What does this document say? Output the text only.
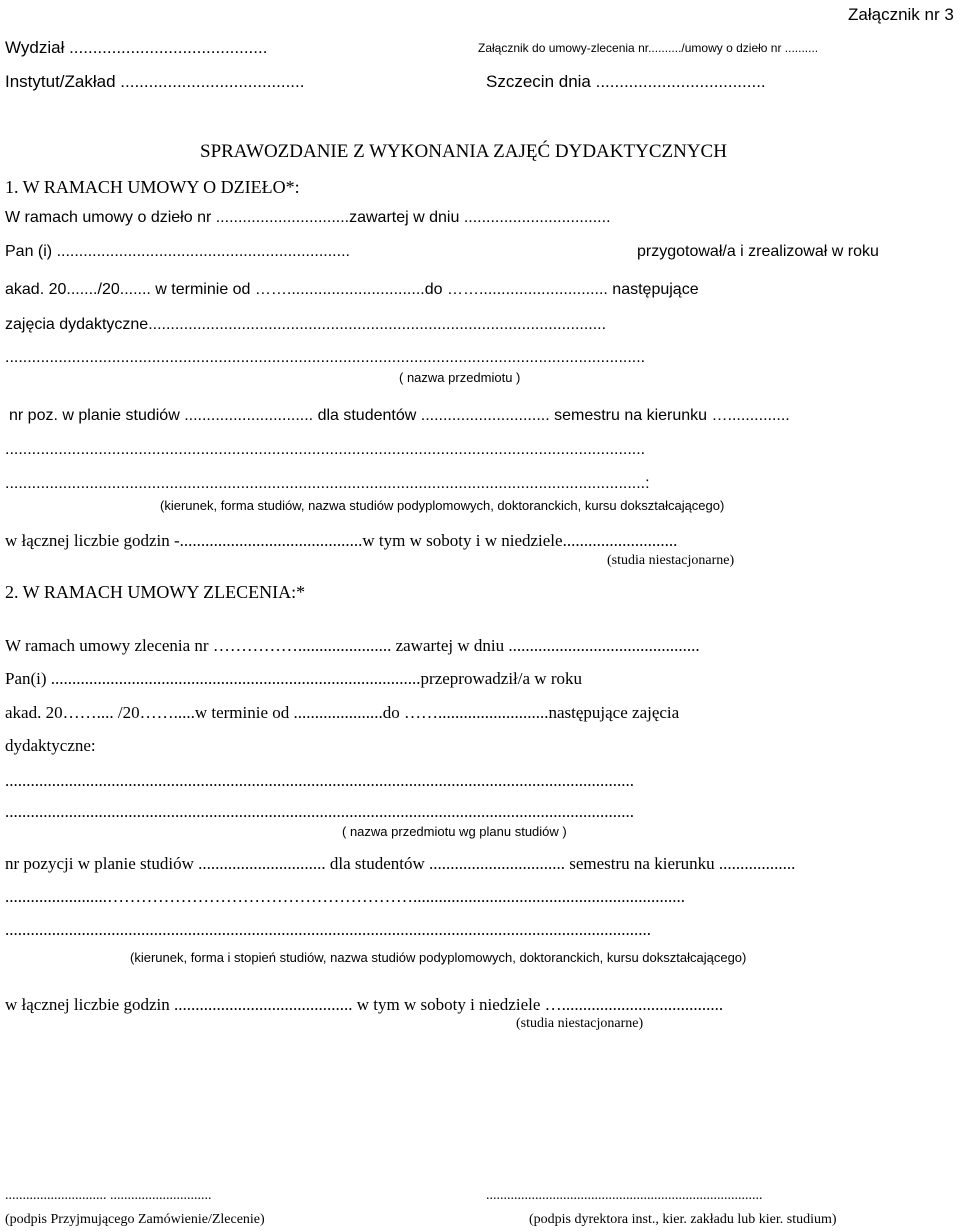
Załącznik nr 3
Wydział ..........................................	Załącznik do umowy-zlecenia nr........../umowy o dzieło nr ..........
Instytut/Zakład .......................................	Szczecin dnia ....................................
SPRAWOZDANIE Z WYKONANIA ZAJĘĆ DYDAKTYCZNYCH
1. W RAMACH UMOWY O DZIEŁO*:
W ramach umowy o dzieło nr ..............................zawartej w dniu .................................
Pan (i) ..................................................................	przygotował/a i zrealizował w roku
akad. 20......./20....... w terminie od ……...............................do ……............................. następujące
zajęcia dydaktyczne.......................................................................................................
................................................................................................................................................
( nazwa przedmiotu )
nr poz. w planie studiów ............................. dla studentów ............................. semestru na kierunku …..............
................................................................................................................................................
................................................................................................................................................:
(kierunek, forma studiów, nazwa studiów podyplomowych, doktoranckich, kursu dokształcającego)
w łącznej liczbie godzin -...........................................w tym w soboty i w niedziele...........................
(studia niestacjonarne)
2. W RAMACH UMOWY ZLECENIA:*
W ramach umowy zlecenia nr ……………...................... zawartej w dniu .............................................
Pan(i) .......................................................................................przeprowadził/a w roku
akad. 20…….... /20…….....w terminie od .....................do ……..........................następujące zajęcia
dydaktyczne:
....................................................................................................................................................
....................................................................................................................................................
( nazwa przedmiotu wg planu studiów )
nr pozycji w planie studiów .............................. dla studentów ................................ semestru na kierunku ..................
........................………………………………………………................................................................
........................................................................................................................................................
(kierunek, forma i stopień studiów, nazwa studiów podyplomowych, doktoranckich, kursu dokształcającego)
w łącznej liczbie godzin .......................................... w tym w soboty i niedziele …......................................
(studia niestacjonarne)
............................. .............................	...............................................................................
(podpis Przyjmującego Zamówienie/Zlecenie)	(podpis dyrektora inst., kier. zakładu lub kier. studium)
